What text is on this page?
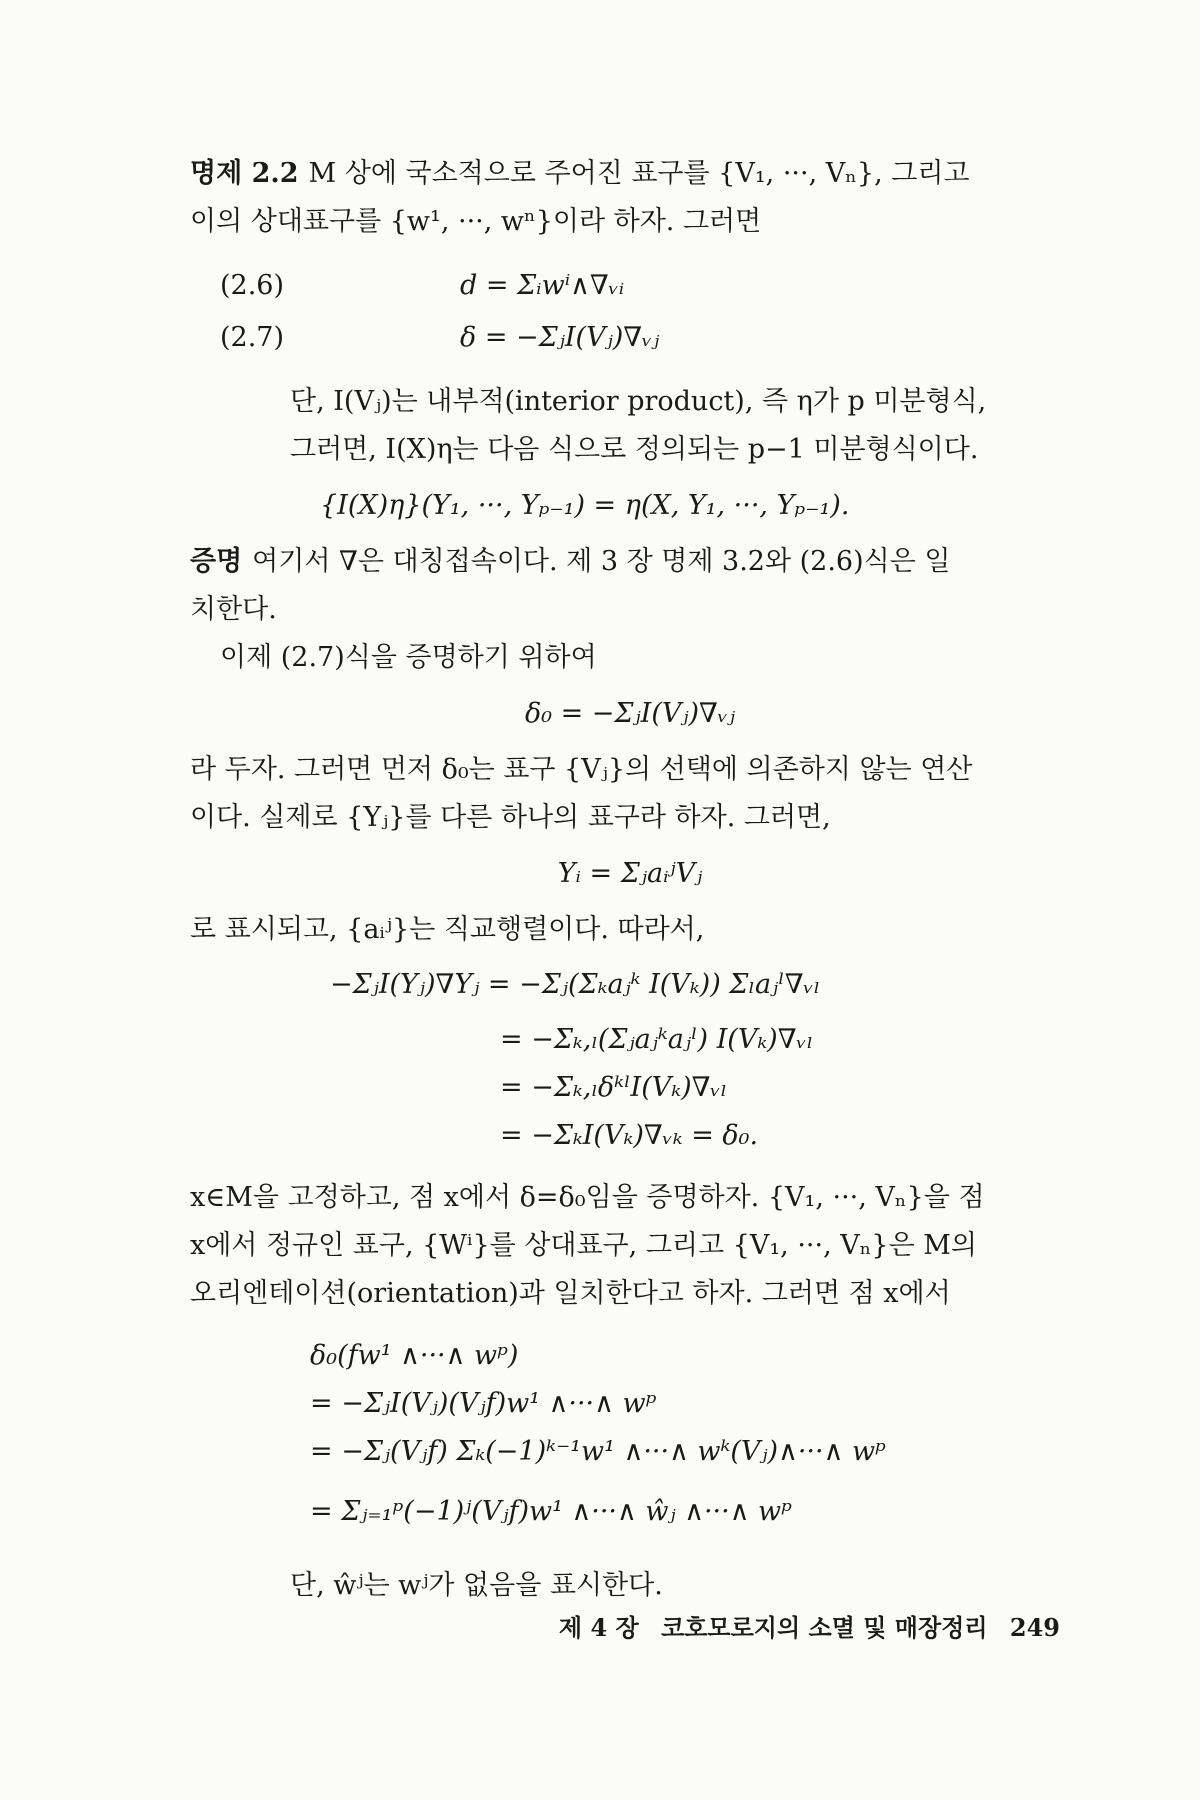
명제 2.2 M 상에 국소적으로 주어진 표구를 {V₁, ···, Vₙ}, 그리고

이의 상대표구를 {w¹, ···, wⁿ}이라 하자. 그러면

(2.6)	d = Σᵢwⁱ∧∇ᵥᵢ
(2.7)	δ = −ΣⱼI(Vⱼ)∇ᵥⱼ

단, I(Vⱼ)는 내부적(interior product), 즉 η가 p 미분형식,

그러면, I(X)η는 다음 식으로 정의되는 p−1 미분형식이다.

{I(X)η}(Y₁, ···, Yₚ₋₁) = η(X, Y₁, ···, Yₚ₋₁).

증명 여기서 ∇은 대칭접속이다. 제 3 장 명제 3.2와 (2.6)식은 일

치한다.

이제 (2.7)식을 증명하기 위하여

δ₀ = −ΣⱼI(Vⱼ)∇ᵥⱼ

라 두자. 그러면 먼저 δ₀는 표구 {Vⱼ}의 선택에 의존하지 않는 연산

이다. 실제로 {Yⱼ}를 다른 하나의 표구라 하자. 그러면,

Yᵢ = ΣⱼaᵢʲVⱼ

로 표시되고, {aᵢʲ}는 직교행렬이다. 따라서,

−ΣⱼI(Yⱼ)∇Yⱼ = −Σⱼ(Σₖaⱼᵏ I(Vₖ)) Σₗaⱼˡ∇ᵥₗ
= −Σₖ,ₗ(Σⱼaⱼᵏaⱼˡ) I(Vₖ)∇ᵥₗ
= −Σₖ,ₗδᵏˡI(Vₖ)∇ᵥₗ
= −ΣₖI(Vₖ)∇ᵥₖ = δ₀.

x∈M을 고정하고, 점 x에서 δ=δ₀임을 증명하자. {V₁, ···, Vₙ}을 점

x에서 정규인 표구, {Wⁱ}를 상대표구, 그리고 {V₁, ···, Vₙ}은 M의

오리엔테이션(orientation)과 일치한다고 하자. 그러면 점 x에서

δ₀(fw¹ ∧···∧ wᵖ)
= −ΣⱼI(Vⱼ)(Vⱼf)w¹ ∧···∧ wᵖ
= −Σⱼ(Vⱼf) Σₖ(−1)ᵏ⁻¹w¹ ∧···∧ wᵏ(Vⱼ)∧···∧ wᵖ
= Σⱼ₌₁ᵖ(−1)ʲ(Vⱼf)w¹ ∧···∧ ŵⱼ ∧···∧ wᵖ

단, ŵʲ는 wʲ가 없음을 표시한다.

제 4 장 코호모로지의 소멸 및 매장정리 249
